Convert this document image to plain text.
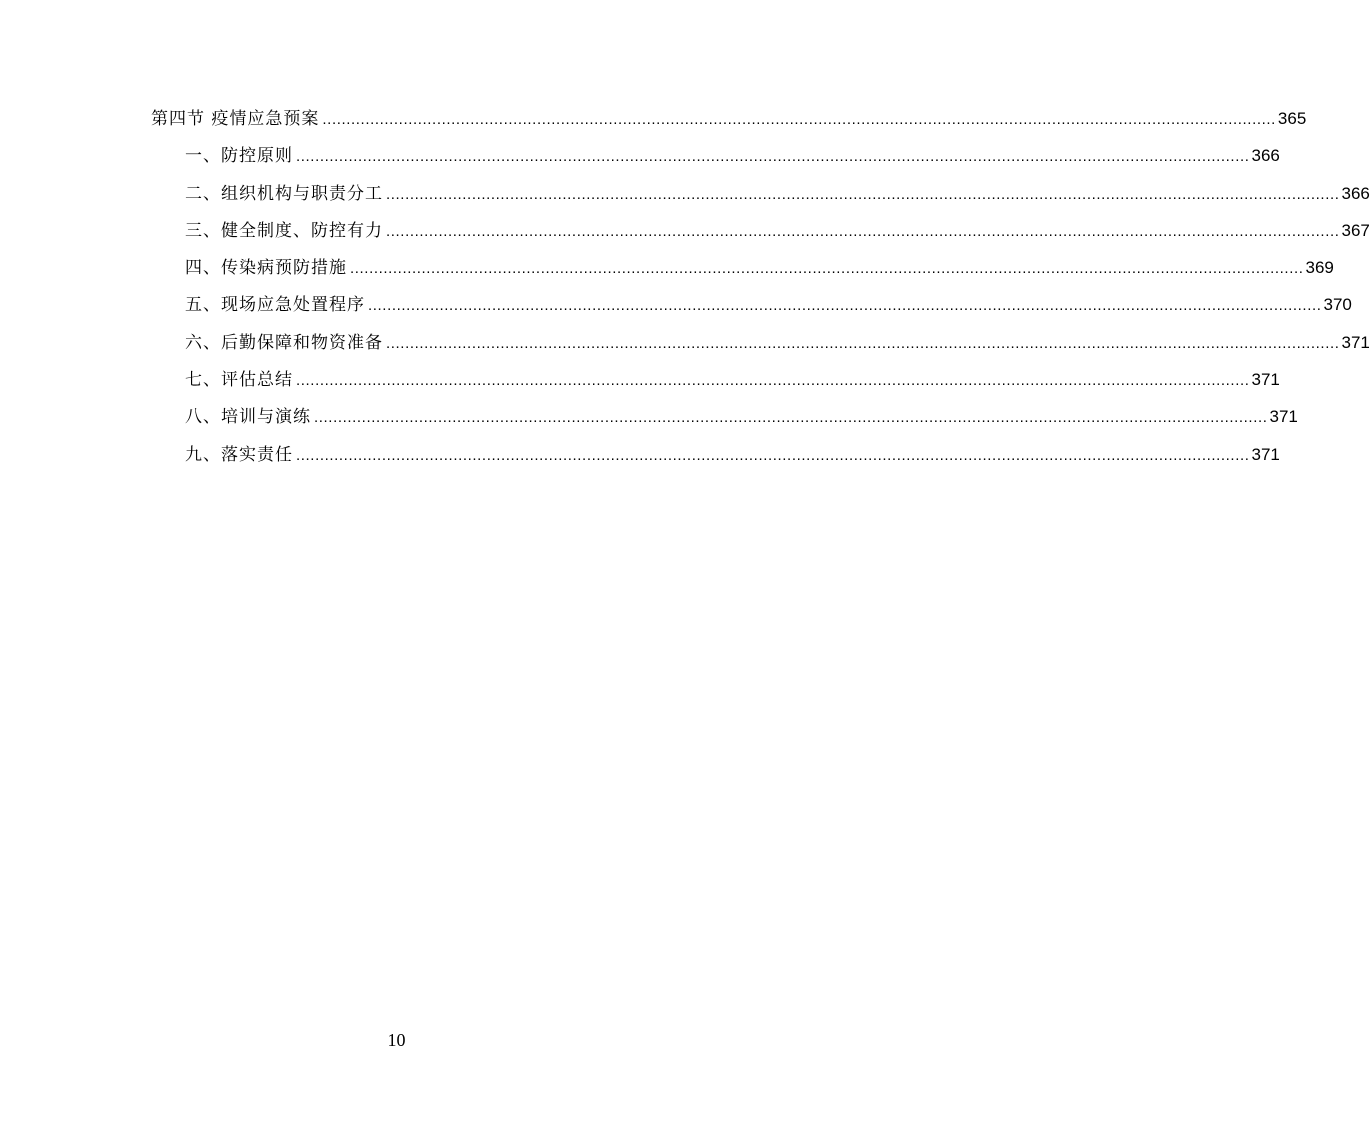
第四节 疫情应急预案 ........................................................................................................................................................................................................ 365
一、防控原则 ........................................................................................................................................................................................................ 366
二、组织机构与职责分工 ........................................................................................................................................................................................................ 366
三、健全制度、防控有力 ........................................................................................................................................................................................................ 367
四、传染病预防措施 ........................................................................................................................................................................................................ 369
五、现场应急处置程序 ........................................................................................................................................................................................................ 370
六、后勤保障和物资准备 ........................................................................................................................................................................................................ 371
七、评估总结 ........................................................................................................................................................................................................ 371
八、培训与演练 ........................................................................................................................................................................................................ 371
九、落实责任 ........................................................................................................................................................................................................ 371
10
